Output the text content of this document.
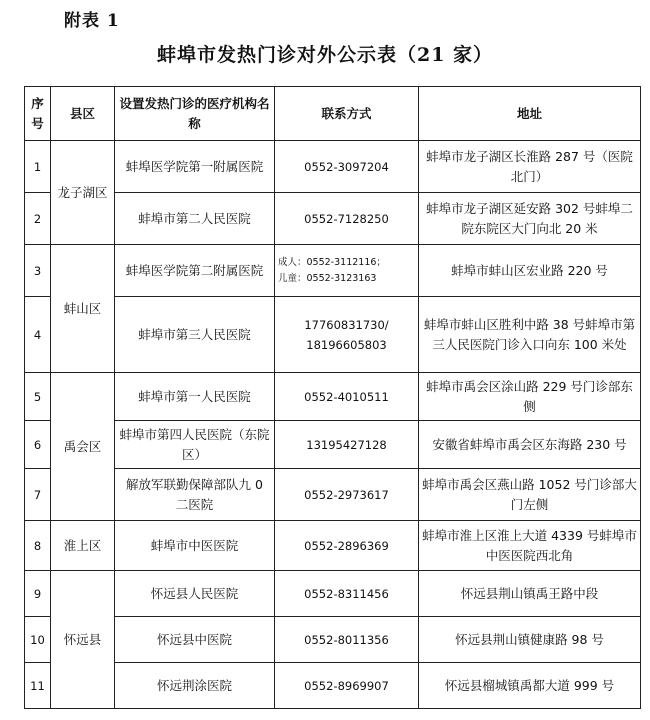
附表 1
蚌埠市发热门诊对外公示表（21 家）
序号	县区	设置发热门诊的医疗机构名称	联系方式	地址
1	龙子湖区	蚌埠医学院第一附属医院	0552-3097204	蚌埠市龙子湖区长淮路 287 号（医院北门）
2		蚌埠市第二人民医院	0552-7128250	蚌埠市龙子湖区延安路 302 号蚌埠二院东院区大门向北 20 米
3	蚌山区	蚌埠医学院第二附属医院	成人：0552-3112116；
儿童：0552-3123163	蚌埠市蚌山区宏业路 220 号
4		蚌埠市第三人民医院	17760831730/
18196605803	蚌埠市蚌山区胜利中路 38 号蚌埠市第三人民医院门诊入口向东 100 米处
5	禹会区	蚌埠市第一人民医院	0552-4010511	蚌埠市禹会区涂山路 229 号门诊部东侧
6		蚌埠市第四人民医院（东院区）	13195427128	安徽省蚌埠市禹会区东海路 230 号
7		解放军联勤保障部队九 0 二医院	0552-2973617	蚌埠市禹会区燕山路 1052 号门诊部大门左侧
8	淮上区	蚌埠市中医医院	0552-2896369	蚌埠市淮上区淮上大道 4339 号蚌埠市中医医院西北角
9	怀远县	怀远县人民医院	0552-8311456	怀远县荆山镇禹王路中段
10		怀远县中医院	0552-8011356	怀远县荆山镇健康路 98 号
11		怀远荆涂医院	0552-8969907	怀远县榴城镇禹都大道 999 号
